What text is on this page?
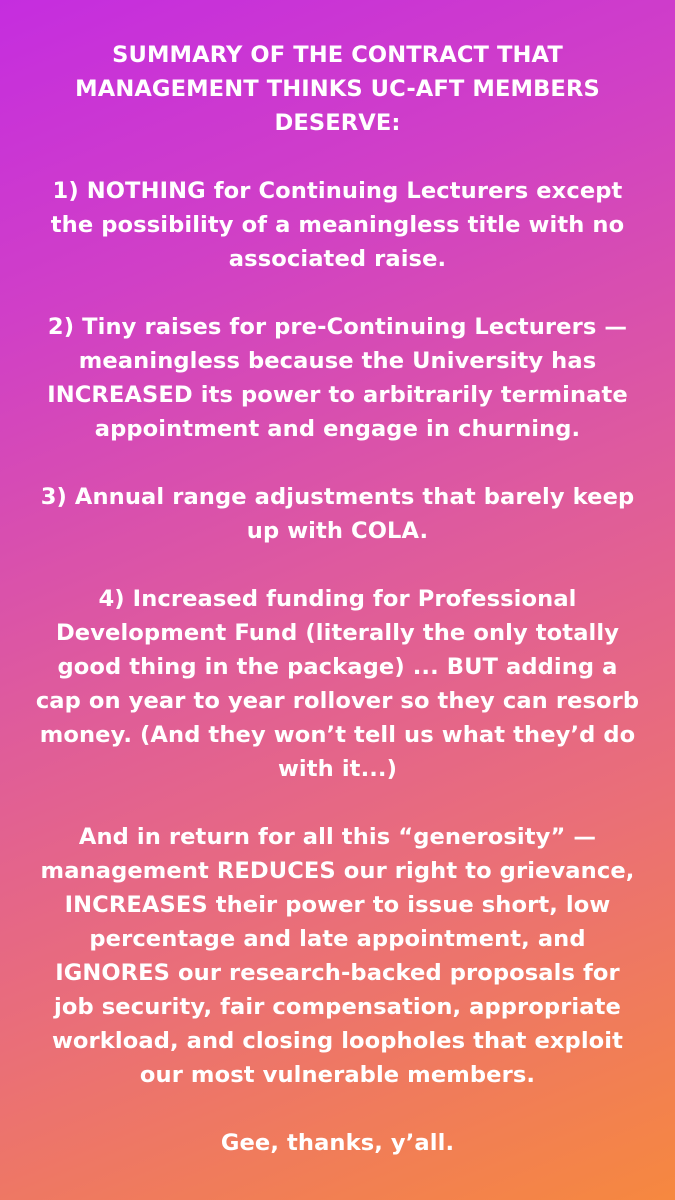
SUMMARY OF THE CONTRACT THAT MANAGEMENT THINKS UC-AFT MEMBERS DESERVE:

1) NOTHING for Continuing Lecturers except the possibility of a meaningless title with no associated raise.

2) Tiny raises for pre-Continuing Lecturers — meaningless because the University has INCREASED its power to arbitrarily terminate appointment and engage in churning.

3) Annual range adjustments that barely keep up with COLA.

4) Increased funding for Professional Development Fund (literally the only totally good thing in the package) ... BUT adding a cap on year to year rollover so they can resorb money. (And they won’t tell us what they’d do with it...)

And in return for all this “generosity” — management REDUCES our right to grievance, INCREASES their power to issue short, low percentage and late appointment, and IGNORES our research-backed proposals for job security, fair compensation, appropriate workload, and closing loopholes that exploit our most vulnerable members.

Gee, thanks, y’all.
